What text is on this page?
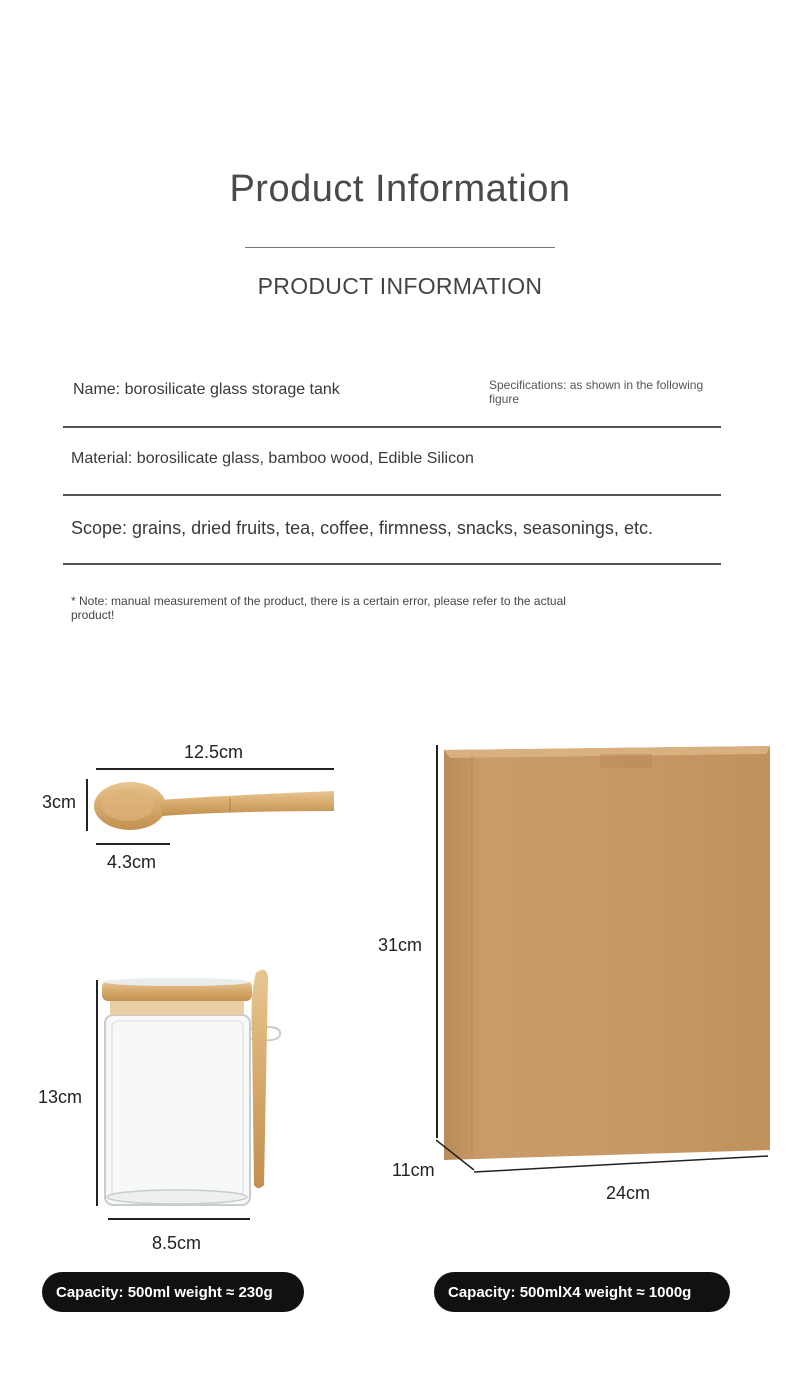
Product Information
PRODUCT INFORMATION
Name: borosilicate glass storage tank	Specifications: as shown in the following figure
Material: borosilicate glass, bamboo wood, Edible Silicon
Scope: grains, dried fruits, tea, coffee, firmness, snacks, seasonings, etc.
* Note: manual measurement of the product, there is a certain error, please refer to the actual product!
12.5cm
3cm
4.3cm
13cm
8.5cm
Capacity: 500ml weight ≈ 230g
31cm
11cm
24cm
Capacity: 500mlX4 weight ≈ 1000g
